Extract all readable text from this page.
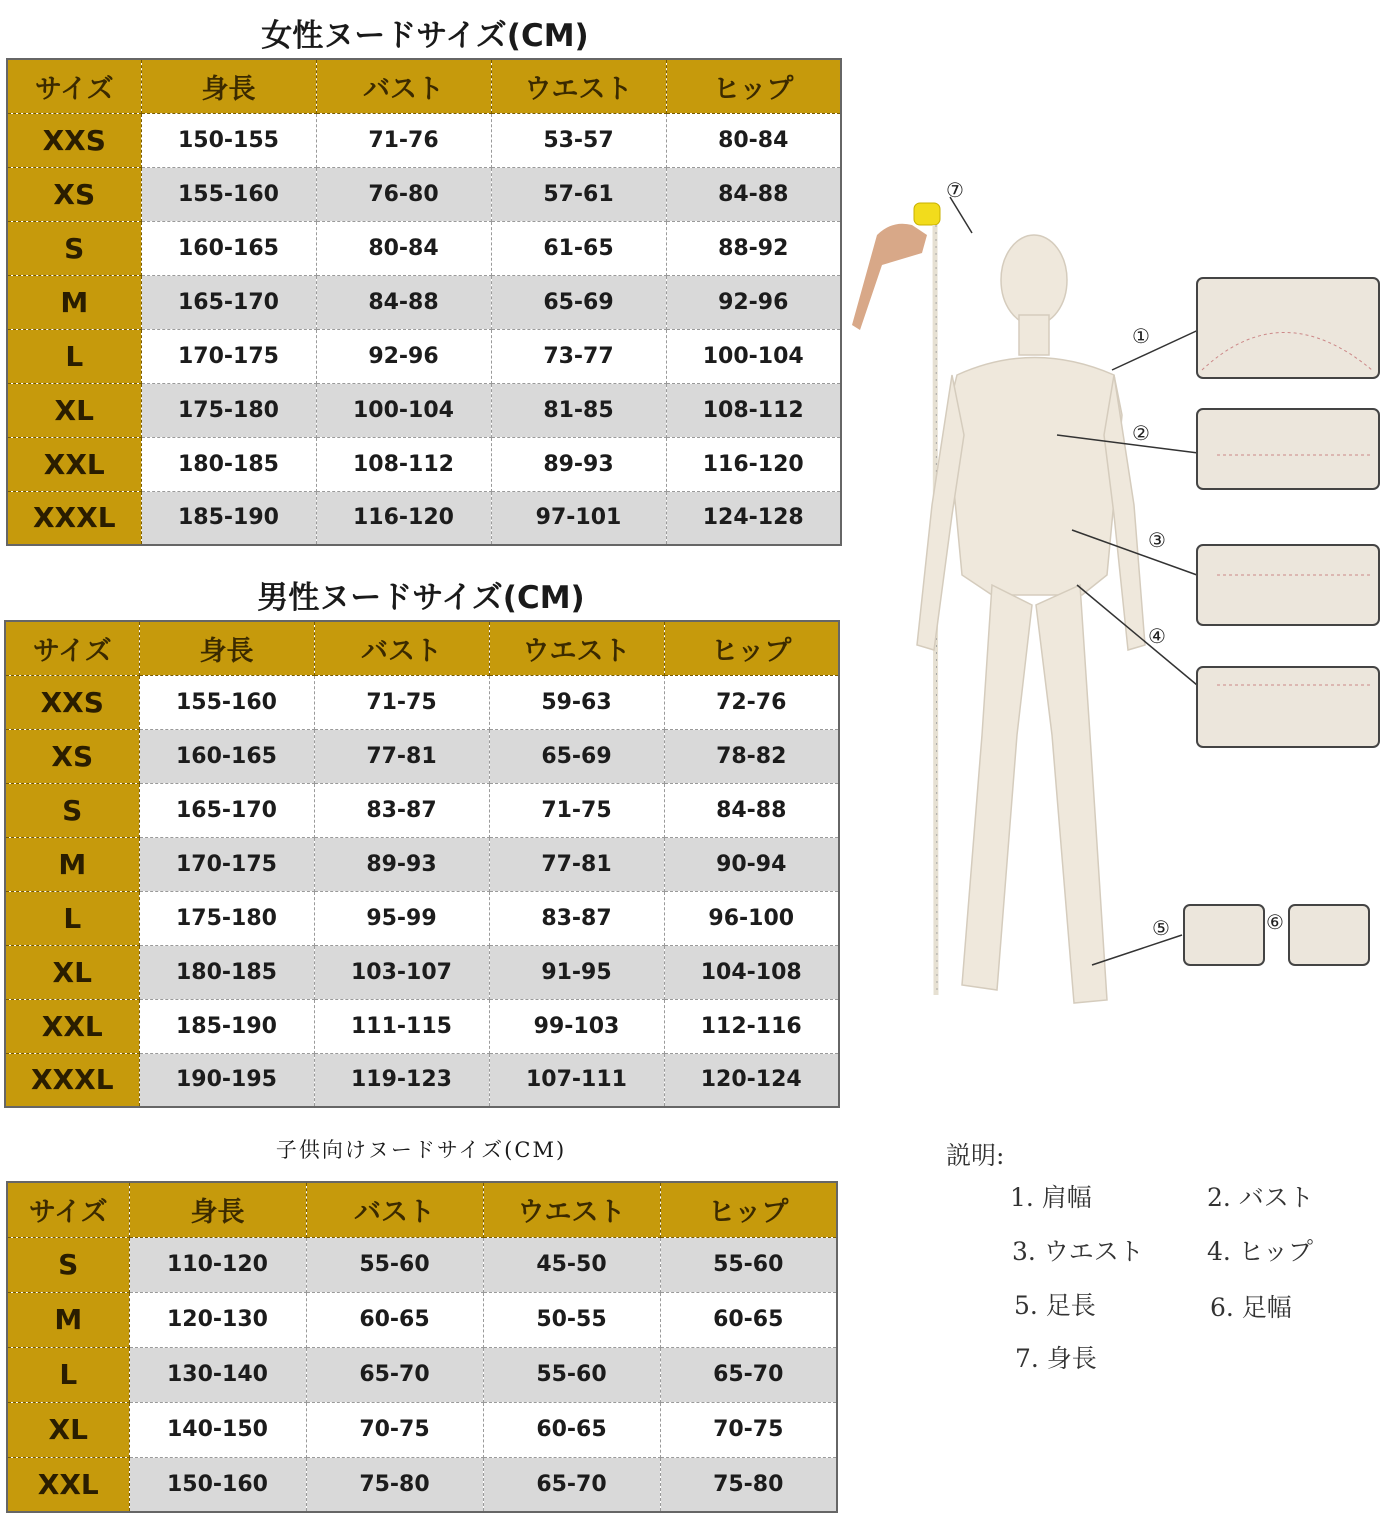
女性ヌードサイズ(CM)
サイズ	身長	バスト	ウエスト	ヒップ
XXS	150-155	71-76	53-57	80-84
XS	155-160	76-80	57-61	84-88
S	160-165	80-84	61-65	88-92
M	165-170	84-88	65-69	92-96
L	170-175	92-96	73-77	100-104
XL	175-180	100-104	81-85	108-112
XXL	180-185	108-112	89-93	116-120
XXXL	185-190	116-120	97-101	124-128
男性ヌードサイズ(CM)
サイズ	身長	バスト	ウエスト	ヒップ
XXS	155-160	71-75	59-63	72-76
XS	160-165	77-81	65-69	78-82
S	165-170	83-87	71-75	84-88
M	170-175	89-93	77-81	90-94
L	175-180	95-99	83-87	96-100
XL	180-185	103-107	91-95	104-108
XXL	185-190	111-115	99-103	112-116
XXXL	190-195	119-123	107-111	120-124
子供向けヌードサイズ(CM)
サイズ	身長	バスト	ウエスト	ヒップ
S	110-120	55-60	45-50	55-60
M	120-130	60-65	50-55	60-65
L	130-140	65-70	55-60	65-70
XL	140-150	70-75	60-65	70-75
XXL	150-160	75-80	65-70	75-80
①
②
③
④
⑤	⑥
⑦
説明:
1. 肩幅	2. バスト
3. ウエスト	4. ヒップ
5. 足長	6. 足幅
7. 身長
